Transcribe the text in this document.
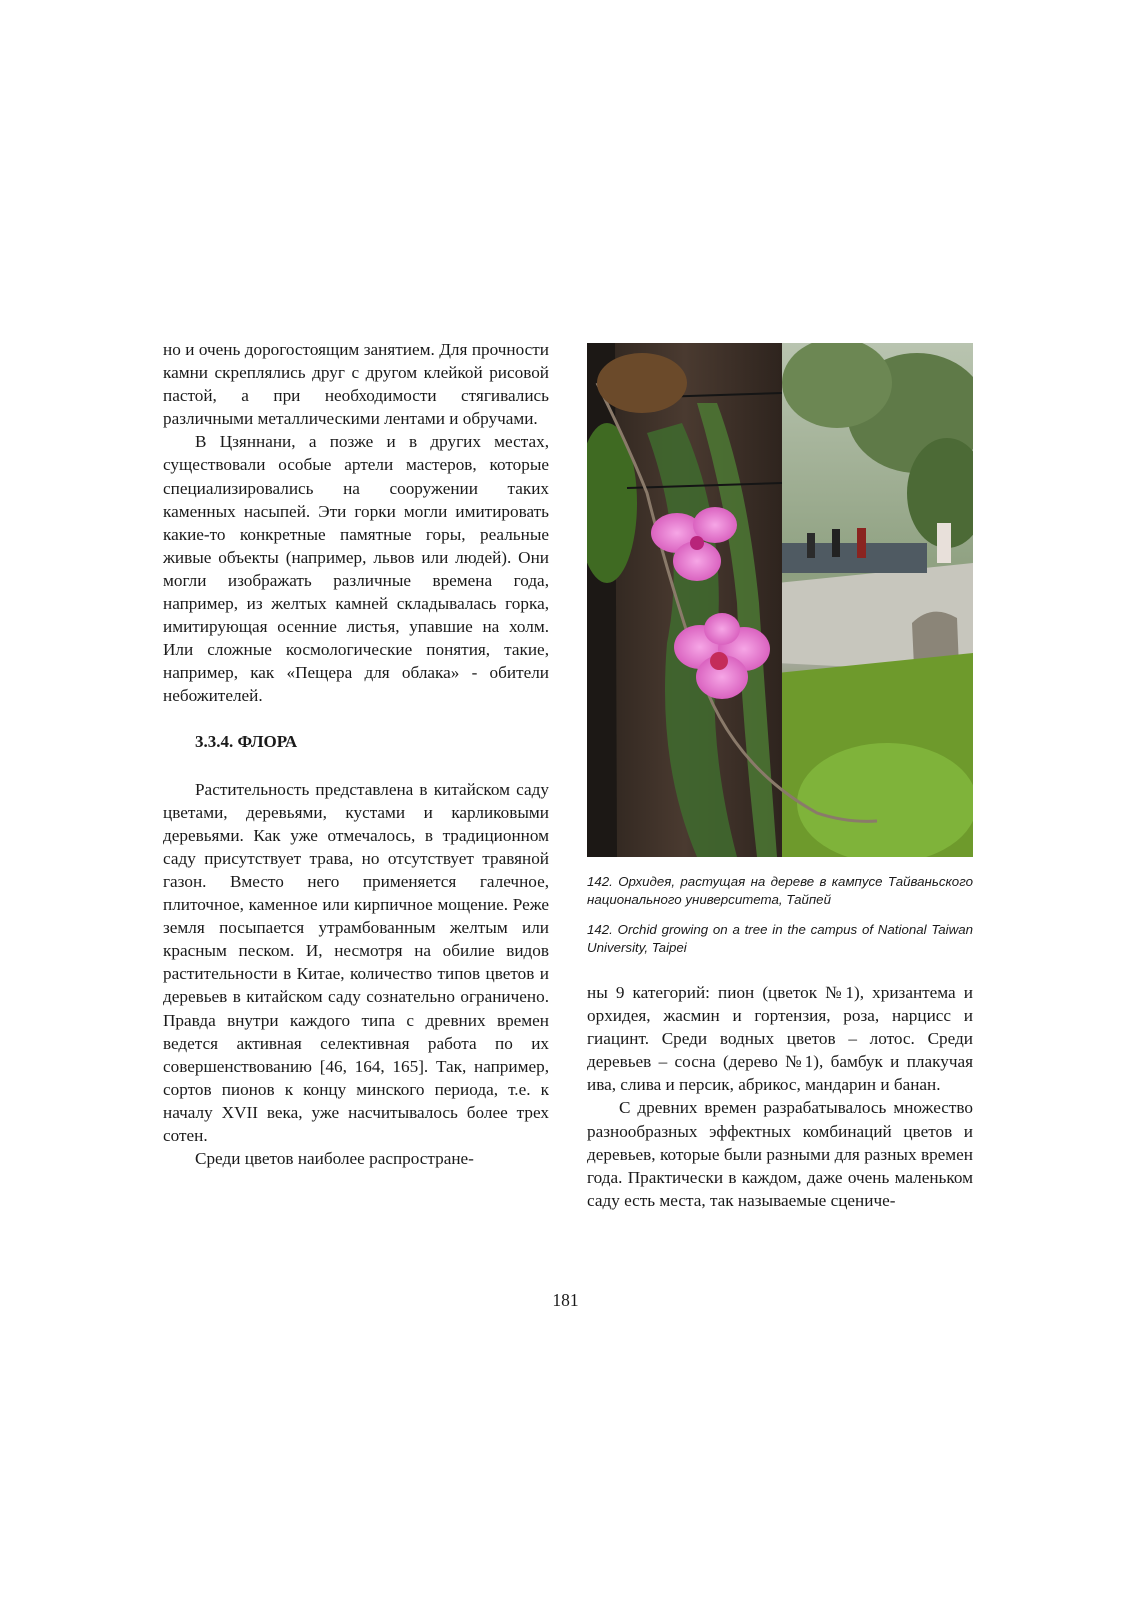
но и очень дорогостоящим занятием. Для прочности камни скреплялись друг с другом клейкой рисовой пастой, а при необходимости стягивались различными металлическими лентами и обручами.

В Цзяннани, а позже и в других местах, существовали особые артели мастеров, которые специализировались на сооружении таких каменных насыпей. Эти горки могли имитировать какие-то конкретные памятные горы, реальные живые объекты (например, львов или людей). Они могли изображать различные времена года, например, из желтых камней складывалась горка, имитирующая осенние листья, упавшие на холм. Или сложные космологические понятия, такие, например, как «Пещера для облака» - обители небожителей.

3.3.4. ФЛОРА

Растительность представлена в китайском саду цветами, деревьями, кустами и карликовыми деревьями. Как уже отмечалось, в традиционном саду присутствует трава, но отсутствует травяной газон. Вместо него применяется галечное, плиточное, каменное или кирпичное мощение. Реже земля посыпается утрамбованным желтым или красным песком. И, несмотря на обилие видов растительности в Китае, количество типов цветов и деревьев в китайском саду сознательно ограничено. Правда внутри каждого типа с древних времен ведется активная селективная работа по их совершенствованию [46, 164, 165]. Так, например, сортов пионов к концу минского периода, т.е. к началу XVII века, уже насчитывалось более трех сотен.

Среди цветов наиболее распростране-

142. Орхидея, растущая на дереве в кампусе Тайваньского национального университета, Тайпей
142. Orchid growing on a tree in the campus of National Taiwan University, Taipei

ны 9 категорий: пион (цветок №1), хризантема и орхидея, жасмин и гортензия, роза, нарцисс и гиацинт. Среди водных цветов – лотос. Среди деревьев – сосна (дерево №1), бамбук и плакучая ива, слива и персик, абрикос, мандарин и банан.

С древних времен разрабатывалось множество разнообразных эффектных комбинаций цветов и деревьев, которые были разными для разных времен года. Практически в каждом, даже очень маленьком саду есть места, так называемые сцениче-

181
